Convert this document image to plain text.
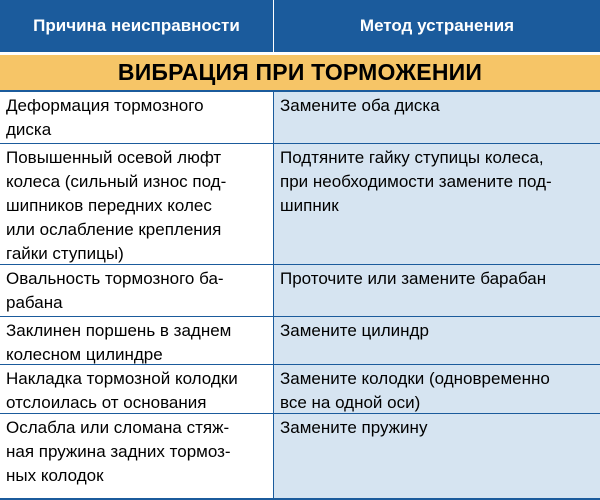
Причина неисправности	Метод устранения
ВИБРАЦИЯ ПРИ ТОРМОЖЕНИИ
Деформация тормозного
диска
Замените оба диска
Повышенный осевой люфт
колеса (сильный износ под-
шипников передних колес
или ослабление крепления
гайки ступицы)
Подтяните гайку ступицы колеса,
при необходимости замените под-
шипник
Овальность тормозного ба-
рабана
Проточите или замените барабан
Заклинен поршень в заднем
колесном цилиндре
Замените цилиндр
Накладка тормозной колодки
отслоилась от основания
Замените колодки (одновременно
все на одной оси)
Ослабла или сломана стяж-
ная пружина задних тормоз-
ных колодок
Замените пружину
